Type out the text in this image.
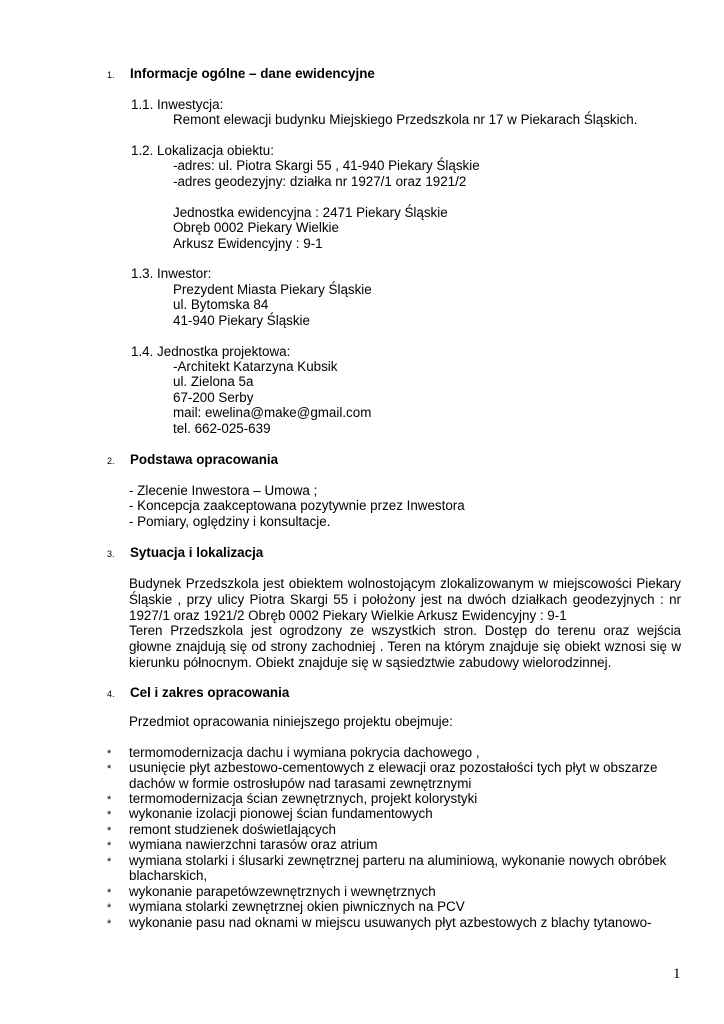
1. Informacje ogólne – dane ewidencyjne
1.1. Inwestycja:
Remont elewacji budynku Miejskiego Przedszkola nr 17 w Piekarach Śląskich.
1.2. Lokalizacja obiektu:
-adres: ul. Piotra Skargi 55 , 41-940 Piekary Śląskie
-adres geodezyjny: działka nr 1927/1 oraz 1921/2
Jednostka ewidencyjna : 2471 Piekary Śląskie
Obręb 0002 Piekary Wielkie
Arkusz Ewidencyjny : 9-1
1.3. Inwestor:
Prezydent Miasta Piekary Śląskie
ul. Bytomska 84
41-940 Piekary Śląskie
1.4. Jednostka projektowa:
-Architekt Katarzyna Kubsik
ul. Zielona 5a
67-200 Serby
mail: ewelina@make@gmail.com
tel. 662-025-639
2. Podstawa opracowania
- Zlecenie Inwestora – Umowa ;
- Koncepcja zaakceptowana pozytywnie przez Inwestora
- Pomiary, oględziny i konsultacje.
3. Sytuacja i lokalizacja
Budynek Przedszkola jest obiektem wolnostojącym zlokalizowanym w miejscowości Piekary Śląskie , przy ulicy Piotra Skargi 55 i położony jest na dwóch działkach geodezyjnych : nr 1927/1 oraz 1921/2 Obręb 0002 Piekary Wielkie Arkusz Ewidencyjny : 9-1
Teren Przedszkola jest ogrodzony ze wszystkich stron. Dostęp do terenu oraz wejścia głowne znajdują się od strony zachodniej . Teren na którym znajduje się obiekt wznosi się w kierunku północnym. Obiekt znajduje się w sąsiedztwie zabudowy wielorodzinnej.
4. Cel i zakres opracowania
Przedmiot opracowania niniejszego projektu obejmuje:
* termomodernizacja dachu i wymiana pokrycia dachowego ,
* usunięcie płyt azbestowo-cementowych z elewacji oraz pozostałości tych płyt w obszarze
dachów w formie ostrosłupów nad tarasami zewnętrznymi
* termomodernizacja ścian zewnętrznych, projekt kolorystyki
* wykonanie izolacji pionowej ścian fundamentowych
* remont studzienek doświetlających
* wymiana nawierzchni tarasów oraz atrium
* wymiana stolarki i ślusarki zewnętrznej parteru na aluminiową, wykonanie nowych obróbek
blacharskich,
* wykonanie parapetówzewnętrznych i wewnętrznych
* wymiana stolarki zewnętrznej okien piwnicznych na PCV
* wykonanie pasu nad oknami w miejscu usuwanych płyt azbestowych z blachy tytanowo-
1
